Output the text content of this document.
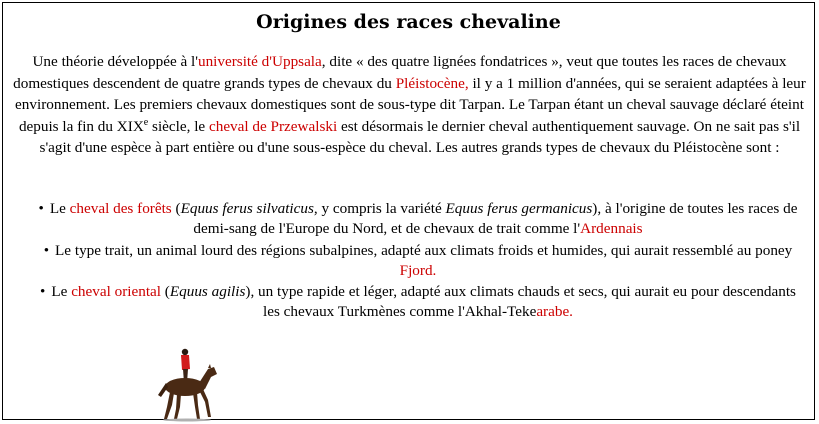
Origines des races chevaline

Une théorie développée à l'université d'Uppsala, dite « des quatre lignées fondatrices », veut que toutes les races de chevaux domestiques descendent de quatre grands types de chevaux du Pléistocène, il y a 1 million d'années, qui se seraient adaptées à leur environnement. Les premiers chevaux domestiques sont de sous-type dit Tarpan. Le Tarpan étant un cheval sauvage déclaré éteint depuis la fin du XIXe siècle, le cheval de Przewalski est désormais le dernier cheval authentiquement sauvage. On ne sait pas s'il s'agit d'une espèce à part entière ou d'une sous-espèce du cheval. Les autres grands types de chevaux du Pléistocène sont :

• Le cheval des forêts (Equus ferus silvaticus, y compris la variété Equus ferus germanicus), à l'origine de toutes les races de demi-sang de l'Europe du Nord, et de chevaux de trait comme l'Ardennais
• Le type trait, un animal lourd des régions subalpines, adapté aux climats froids et humides, qui aurait ressemblé au poney Fjord.
• Le cheval oriental (Equus agilis), un type rapide et léger, adapté aux climats chauds et secs, qui aurait eu pour descendants les chevaux Turkmènes comme l'Akhal-Tekearabe.
